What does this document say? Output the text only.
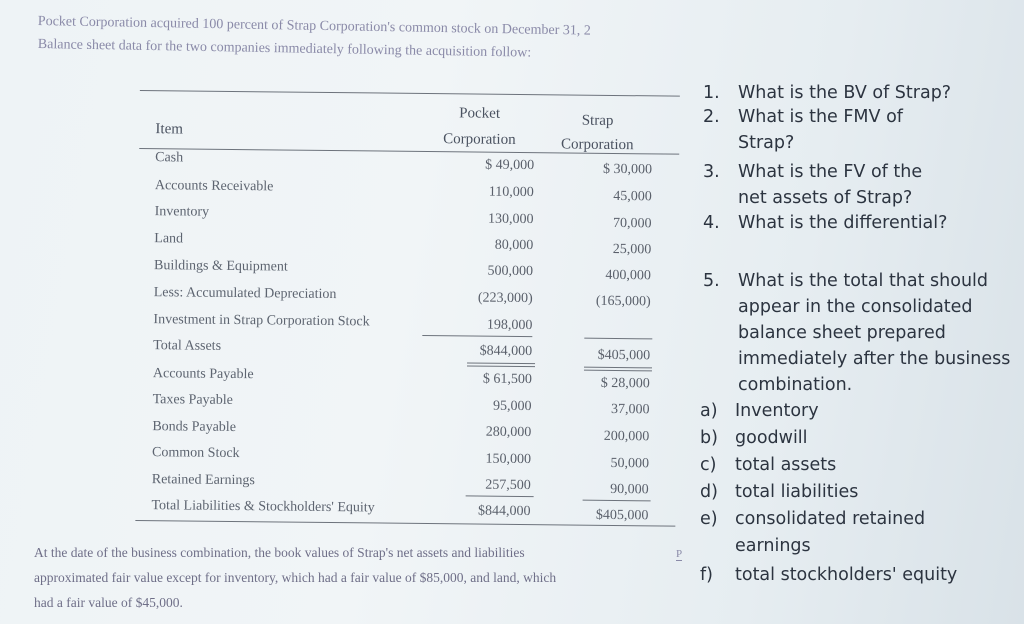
Pocket Corporation acquired 100 percent of Strap Corporation's common stock on December 31, 2
Balance sheet data for the two companies immediately following the acquisition follow:
Pocket
Corporation
Strap
Corporation
Item
Cash	$ 49,000	$ 30,000
Accounts Receivable	110,000	45,000
Inventory	130,000	70,000
Land	80,000	25,000
Buildings & Equipment	500,000	400,000
Less: Accumulated Depreciation	(223,000)	(165,000)
Investment in Strap Corporation Stock	198,000
Total Assets	$844,000	$405,000
Accounts Payable	$ 61,500	$ 28,000
Taxes Payable	95,000	37,000
Bonds Payable	280,000	200,000
Common Stock	150,000	50,000
Retained Earnings	257,500	90,000
Total Liabilities & Stockholders' Equity	$844,000	$405,000
At the date of the business combination, the book values of Strap's net assets and liabilities
approximated fair value except for inventory, which had a fair value of $85,000, and land, which
had a fair value of $45,000.
P
1. What is the BV of Strap?
2. What is the FMV of
Strap?
3. What is the FV of the
net assets of Strap?
4. What is the differential?
5. What is the total that should
appear in the consolidated
balance sheet prepared
immediately after the business
combination.
a) Inventory
b) goodwill
c) total assets
d) total liabilities
e) consolidated retained
earnings
f) total stockholders' equity
